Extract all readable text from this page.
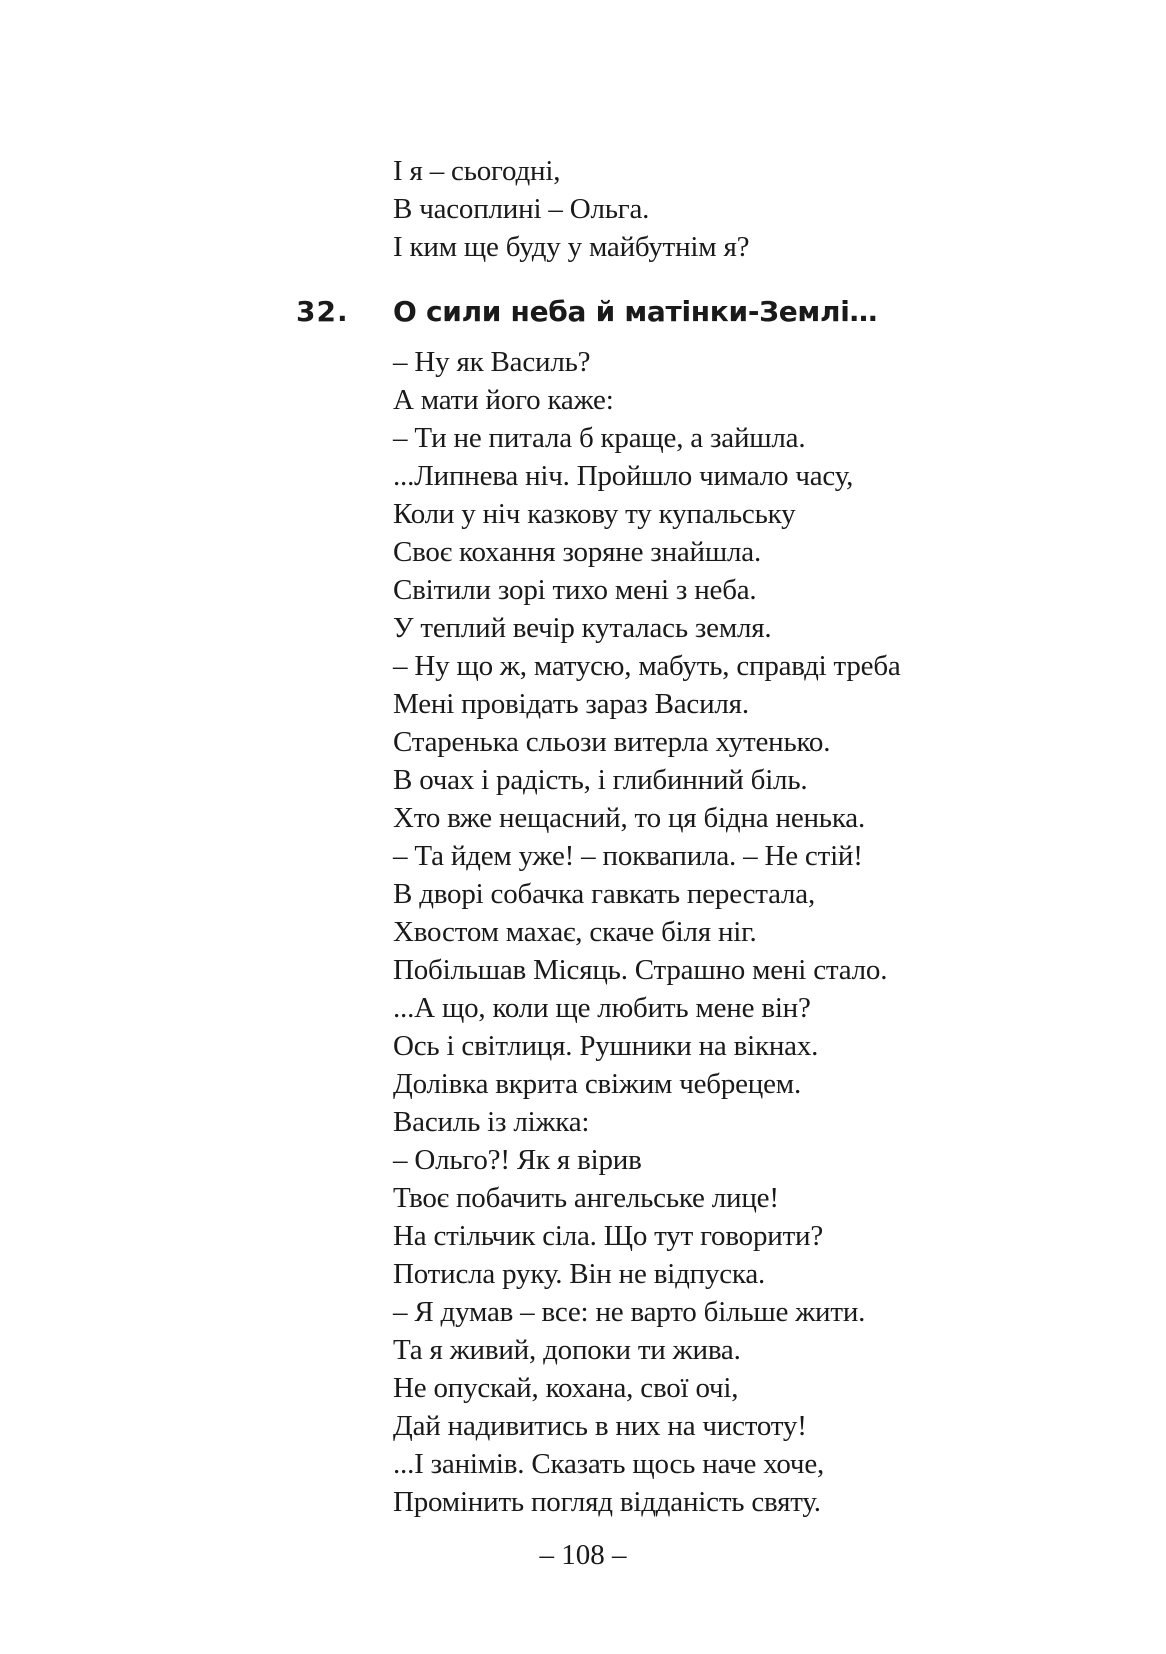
І я – сьогодні,
В часоплині – Ольга.
І ким ще буду у майбутнім я?
32.	О сили неба й матінки-Землі…
– Ну як Василь?
А мати його каже:
– Ти не питала б краще, а зайшла.
...Липнева ніч. Пройшло чимало часу,
Коли у ніч казкову ту купальську
Своє кохання зоряне знайшла.
Світили зорі тихо мені з неба.
У теплий вечір куталась земля.
– Ну що ж, матусю, мабуть, справді треба
Мені провідать зараз Василя.
Старенька сльози витерла хутенько.
В очах і радість, і глибинний біль.
Хто вже нещасний, то ця бідна ненька.
– Та йдем уже! – поквапила. – Не стій!
В дворі собачка гавкать перестала,
Хвостом махає, скаче біля ніг.
Побільшав Місяць. Страшно мені стало.
...А що, коли ще любить мене він?
Ось і світлиця. Рушники на вікнах.
Долівка вкрита свіжим чебрецем.
Василь із ліжка:
– Ольго?! Як я вірив
Твоє побачить ангельське лице!
На стільчик сіла. Що тут говорити?
Потисла руку. Він не відпуска.
– Я думав – все: не варто більше жити.
Та я живий, допоки ти жива.
Не опускай, кохана, свої очі,
Дай надивитись в них на чистоту!
...І занімів. Сказать щось наче хоче,
Промінить погляд відданість святу.
– 108 –
